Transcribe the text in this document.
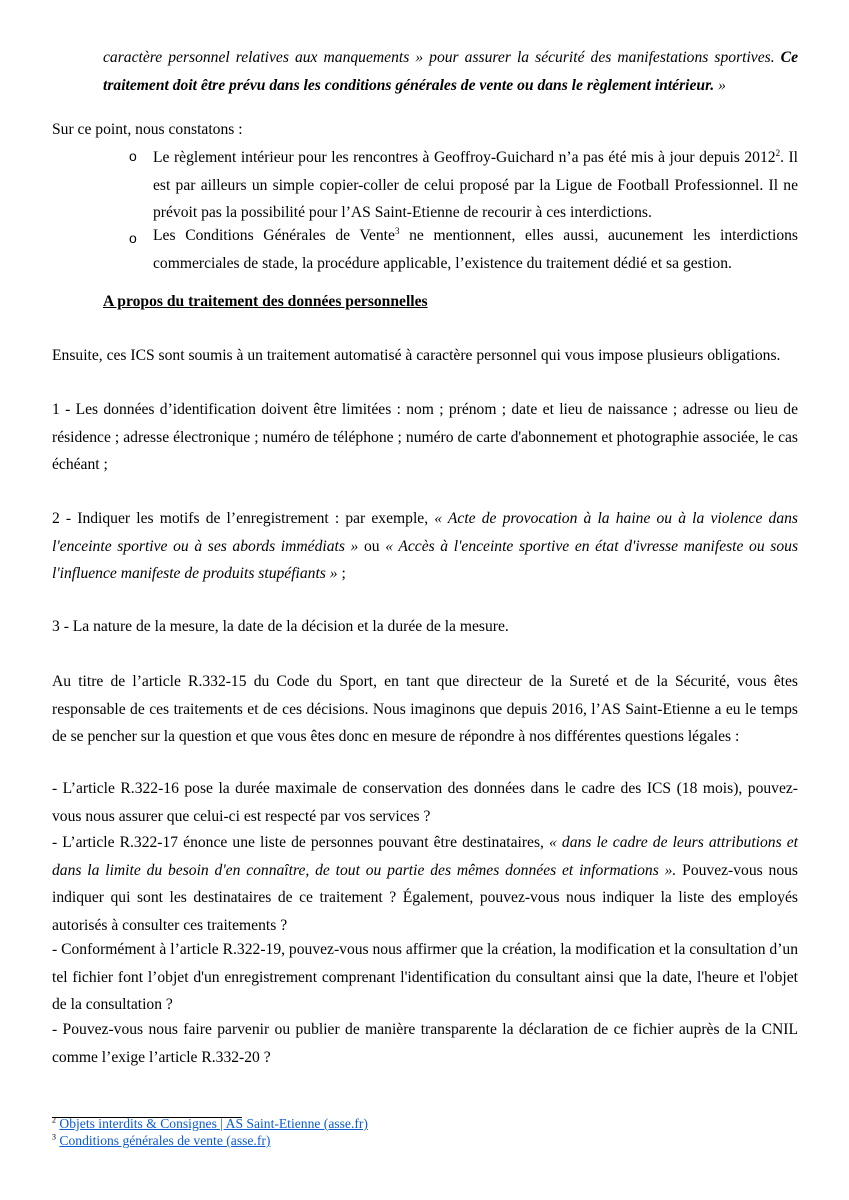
caractère personnel relatives aux manquements » pour assurer la sécurité des manifestations sportives. Ce traitement doit être prévu dans les conditions générales de vente ou dans le règlement intérieur. »

Sur ce point, nous constatons :

o Le règlement intérieur pour les rencontres à Geoffroy-Guichard n’a pas été mis à jour depuis 2012$^2$. Il est par ailleurs un simple copier-coller de celui proposé par la Ligue de Football Professionnel. Il ne prévoit pas la possibilité pour l’AS Saint-Etienne de recourir à ces interdictions.

o Les Conditions Générales de Vente$^3$ ne mentionnent, elles aussi, aucunement les interdictions commerciales de stade, la procédure applicable, l’existence du traitement dédié et sa gestion.

A propos du traitement des données personnelles

Ensuite, ces ICS sont soumis à un traitement automatisé à caractère personnel qui vous impose plusieurs obligations.

1 - Les données d’identification doivent être limitées : nom ; prénom ; date et lieu de naissance ; adresse ou lieu de résidence ; adresse électronique ; numéro de téléphone ; numéro de carte d'abonnement et photographie associée, le cas échéant ;

2 - Indiquer les motifs de l’enregistrement : par exemple, « Acte de provocation à la haine ou à la violence dans l'enceinte sportive ou à ses abords immédiats » ou « Accès à l'enceinte sportive en état d'ivresse manifeste ou sous l'influence manifeste de produits stupéfiants » ;

3 - La nature de la mesure, la date de la décision et la durée de la mesure.

Au titre de l’article R.332-15 du Code du Sport, en tant que directeur de la Sureté et de la Sécurité, vous êtes responsable de ces traitements et de ces décisions. Nous imaginons que depuis 2016, l’AS Saint-Etienne a eu le temps de se pencher sur la question et que vous êtes donc en mesure de répondre à nos différentes questions légales :

- L’article R.322-16 pose la durée maximale de conservation des données dans le cadre des ICS (18 mois), pouvez-vous nous assurer que celui-ci est respecté par vos services ?

- L’article R.322-17 énonce une liste de personnes pouvant être destinataires, « dans le cadre de leurs attributions et dans la limite du besoin d'en connaître, de tout ou partie des mêmes données et informations ». Pouvez-vous nous indiquer qui sont les destinataires de ce traitement ? Également, pouvez-vous nous indiquer la liste des employés autorisés à consulter ces traitements ?

- Conformément à l’article R.322-19, pouvez-vous nous affirmer que la création, la modification et la consultation d’un tel fichier font l’objet d'un enregistrement comprenant l'identification du consultant ainsi que la date, l'heure et l'objet de la consultation ?

- Pouvez-vous nous faire parvenir ou publier de manière transparente la déclaration de ce fichier auprès de la CNIL comme l’exige l’article R.332-20 ?

$^2$ Objets interdits & Consignes | AS Saint-Etienne (asse.fr)
$^3$ Conditions générales de vente (asse.fr)
